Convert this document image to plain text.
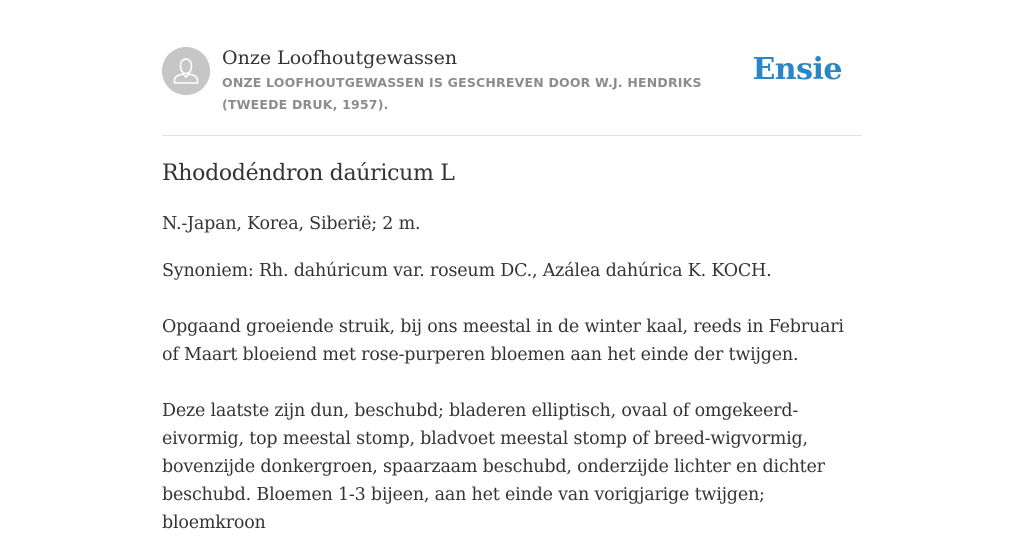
Onze Loofhoutgewassen
ONZE LOOFHOUTGEWASSEN IS GESCHREVEN DOOR W.J. HENDRIKS (TWEEDE DRUK, 1957).
Ensie
Rhododéndron daúricum L

N.-Japan, Korea, Siberië; 2 m.

Synoniem: Rh. dahúricum var. roseum DC., Azálea dahúrica K. KOCH.

Opgaand groeiende struik, bij ons meestal in de winter kaal, reeds in Februari of Maart bloeiend met rose-purperen bloemen aan het einde der twijgen.

Deze laatste zijn dun, beschubd; bladeren elliptisch, ovaal of omgekeerd-eivormig, top meestal stomp, bladvoet meestal stomp of breed-wigvormig, bovenzijde donkergroen, spaarzaam beschubd, onderzijde lichter en dichter beschubd. Bloemen 1-3 bijeen, aan het einde van vorigjarige twijgen; bloemkroon
